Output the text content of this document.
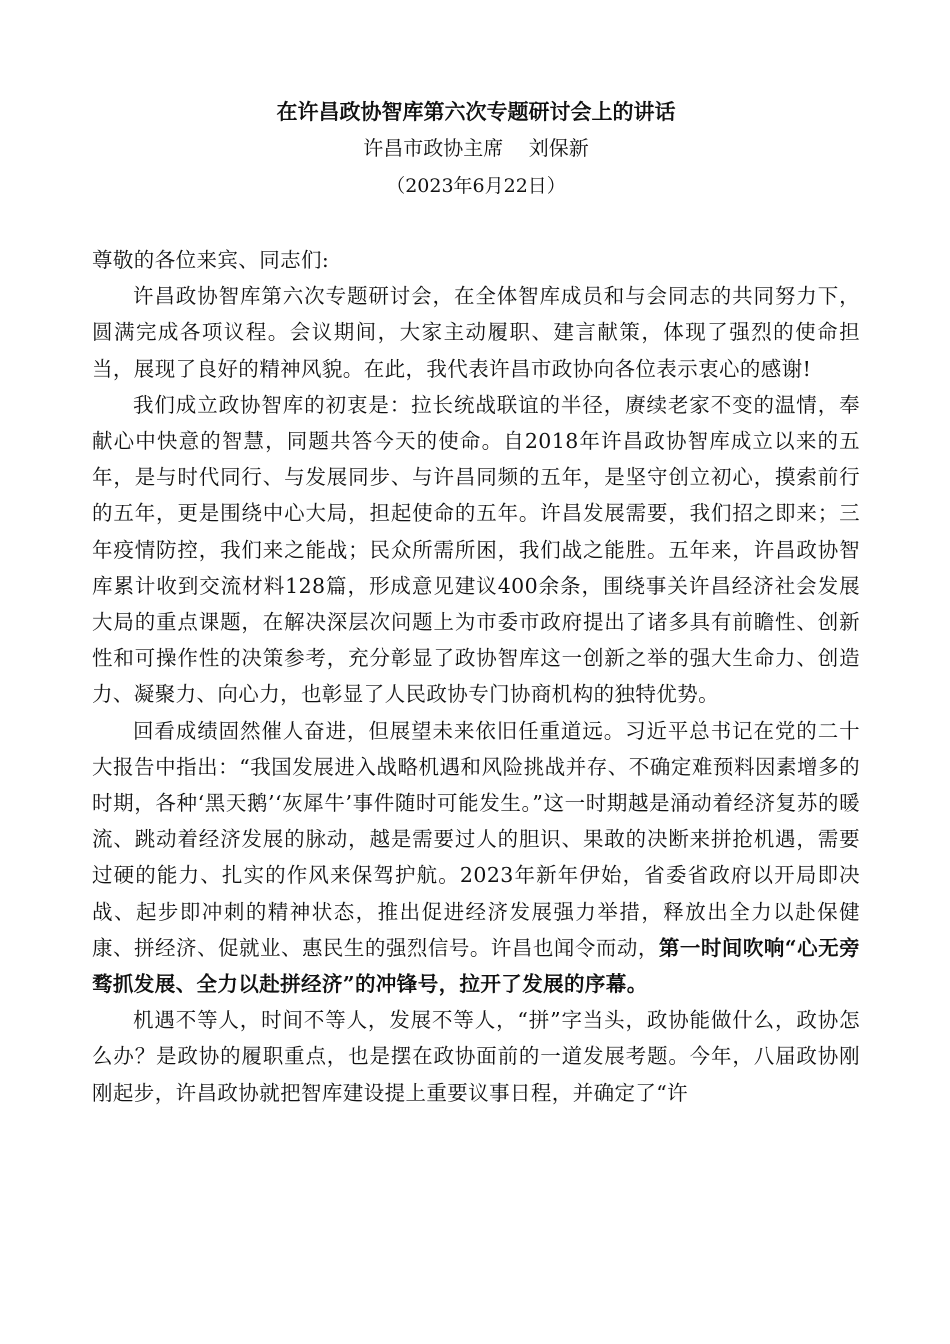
在许昌政协智库第六次专题研讨会上的讲话
许昌市政协主席    刘保新
（2023年6月22日）

尊敬的各位来宾、同志们:

许昌政协智库第六次专题研讨会，在全体智库成员和与会同志的共同努力下，圆满完成各项议程。会议期间，大家主动履职、建言献策，体现了强烈的使命担当，展现了良好的精神风貌。在此，我代表许昌市政协向各位表示衷心的感谢!

我们成立政协智库的初衷是：拉长统战联谊的半径，赓续老家不变的温情，奉献心中快意的智慧，同题共答今天的使命。自2018年许昌政协智库成立以来的五年，是与时代同行、与发展同步、与许昌同频的五年，是坚守创立初心，摸索前行的五年，更是围绕中心大局，担起使命的五年。许昌发展需要，我们招之即来；三年疫情防控，我们来之能战；民众所需所困，我们战之能胜。五年来，许昌政协智库累计收到交流材料128篇，形成意见建议400余条，围绕事关许昌经济社会发展大局的重点课题，在解决深层次问题上为市委市政府提出了诸多具有前瞻性、创新性和可操作性的决策参考，充分彰显了政协智库这一创新之举的强大生命力、创造力、凝聚力、向心力，也彰显了人民政协专门协商机构的独特优势。

回看成绩固然催人奋进，但展望未来依旧任重道远。习近平总书记在党的二十大报告中指出：“我国发展进入战略机遇和风险挑战并存、不确定难预料因素增多的时期，各种‘黑天鹅’‘灰犀牛’事件随时可能发生。”这一时期越是涌动着经济复苏的暖流、跳动着经济发展的脉动，越是需要过人的胆识、果敢的决断来拼抢机遇，需要过硬的能力、扎实的作风来保驾护航。2023年新年伊始，省委省政府以开局即决战、起步即冲刺的精神状态，推出促进经济发展强力举措，释放出全力以赴保健康、拼经济、促就业、惠民生的强烈信号。许昌也闻令而动，第一时间吹响“心无旁骛抓发展、全力以赴拼经济”的冲锋号，拉开了发展的序幕。

机遇不等人，时间不等人，发展不等人，“拼”字当头，政协能做什么，政协怎么办？是政协的履职重点，也是摆在政协面前的一道发展考题。今年，八届政协刚刚起步，许昌政协就把智库建设提上重要议事日程，并确定了“许
